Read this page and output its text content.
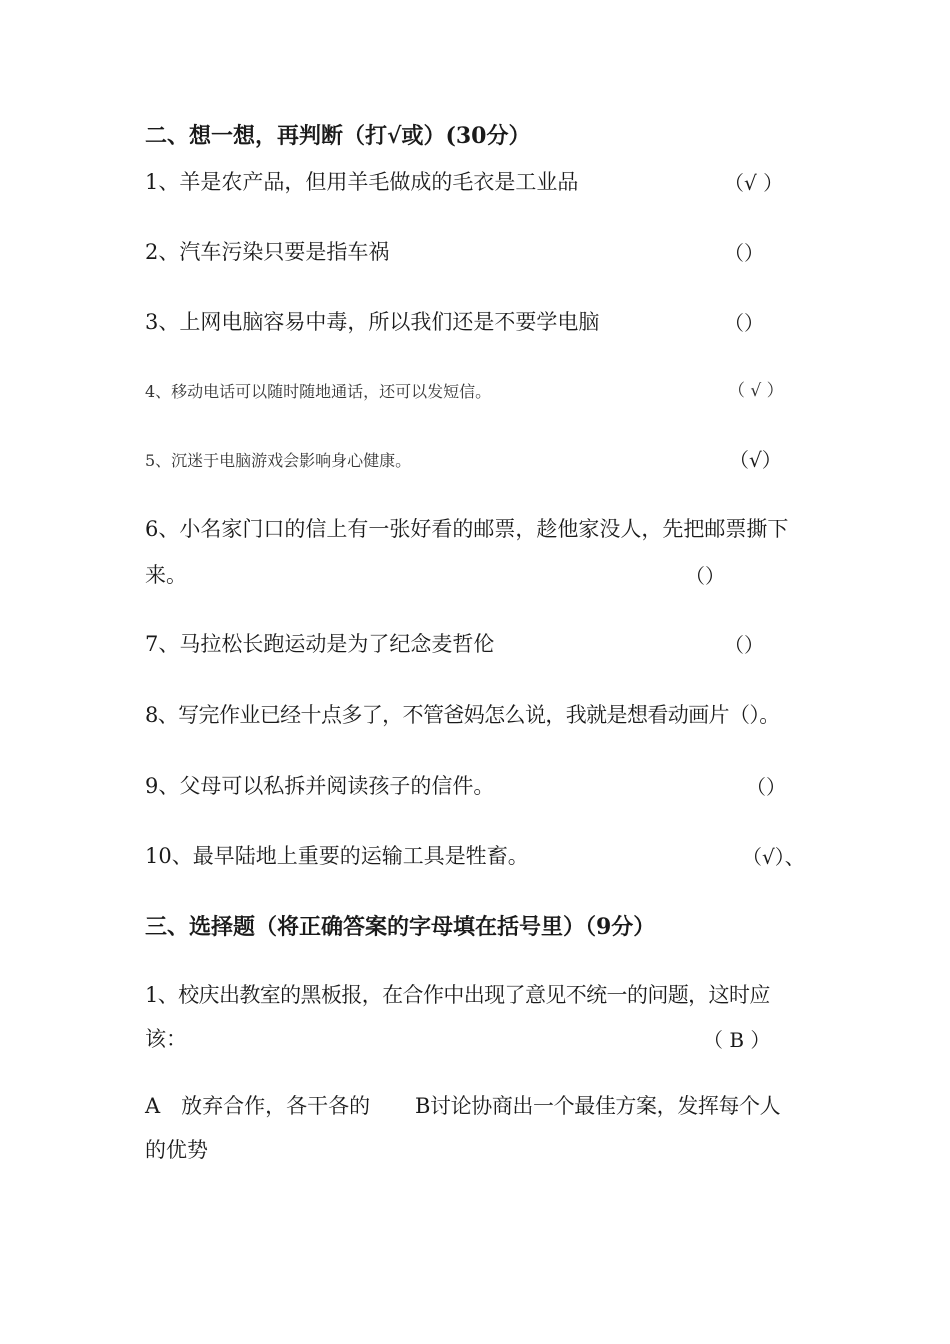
二、想一想，再判断（打√或）(30分）
1、羊是农产品，但用羊毛做成的毛衣是工业品	（√ ）
2、汽车污染只要是指车祸	（）
3、上网电脑容易中毒，所以我们还是不要学电脑	（）
4、移动电话可以随时随地通话，还可以发短信。	（ √ ）
5、沉迷于电脑游戏会影响身心健康。	（√）
6、小名家门口的信上有一张好看的邮票，趁他家没人，先把邮票撕下
来。	（）
7、马拉松长跑运动是为了纪念麦哲伦	（）
8、写完作业已经十点多了，不管爸妈怎么说，我就是想看动画片（）。
9、父母可以私拆并阅读孩子的信件。	（）
10、最早陆地上重要的运输工具是牲畜。	（√）、
三、选择题（将正确答案的字母填在括号里）（9分）
1、校庆出教室的黑板报，在合作中出现了意见不统一的问题，这时应
该：	（ B ）
A　放弃合作，各干各的 B讨论协商出一个最佳方案，发挥每个人
的优势
